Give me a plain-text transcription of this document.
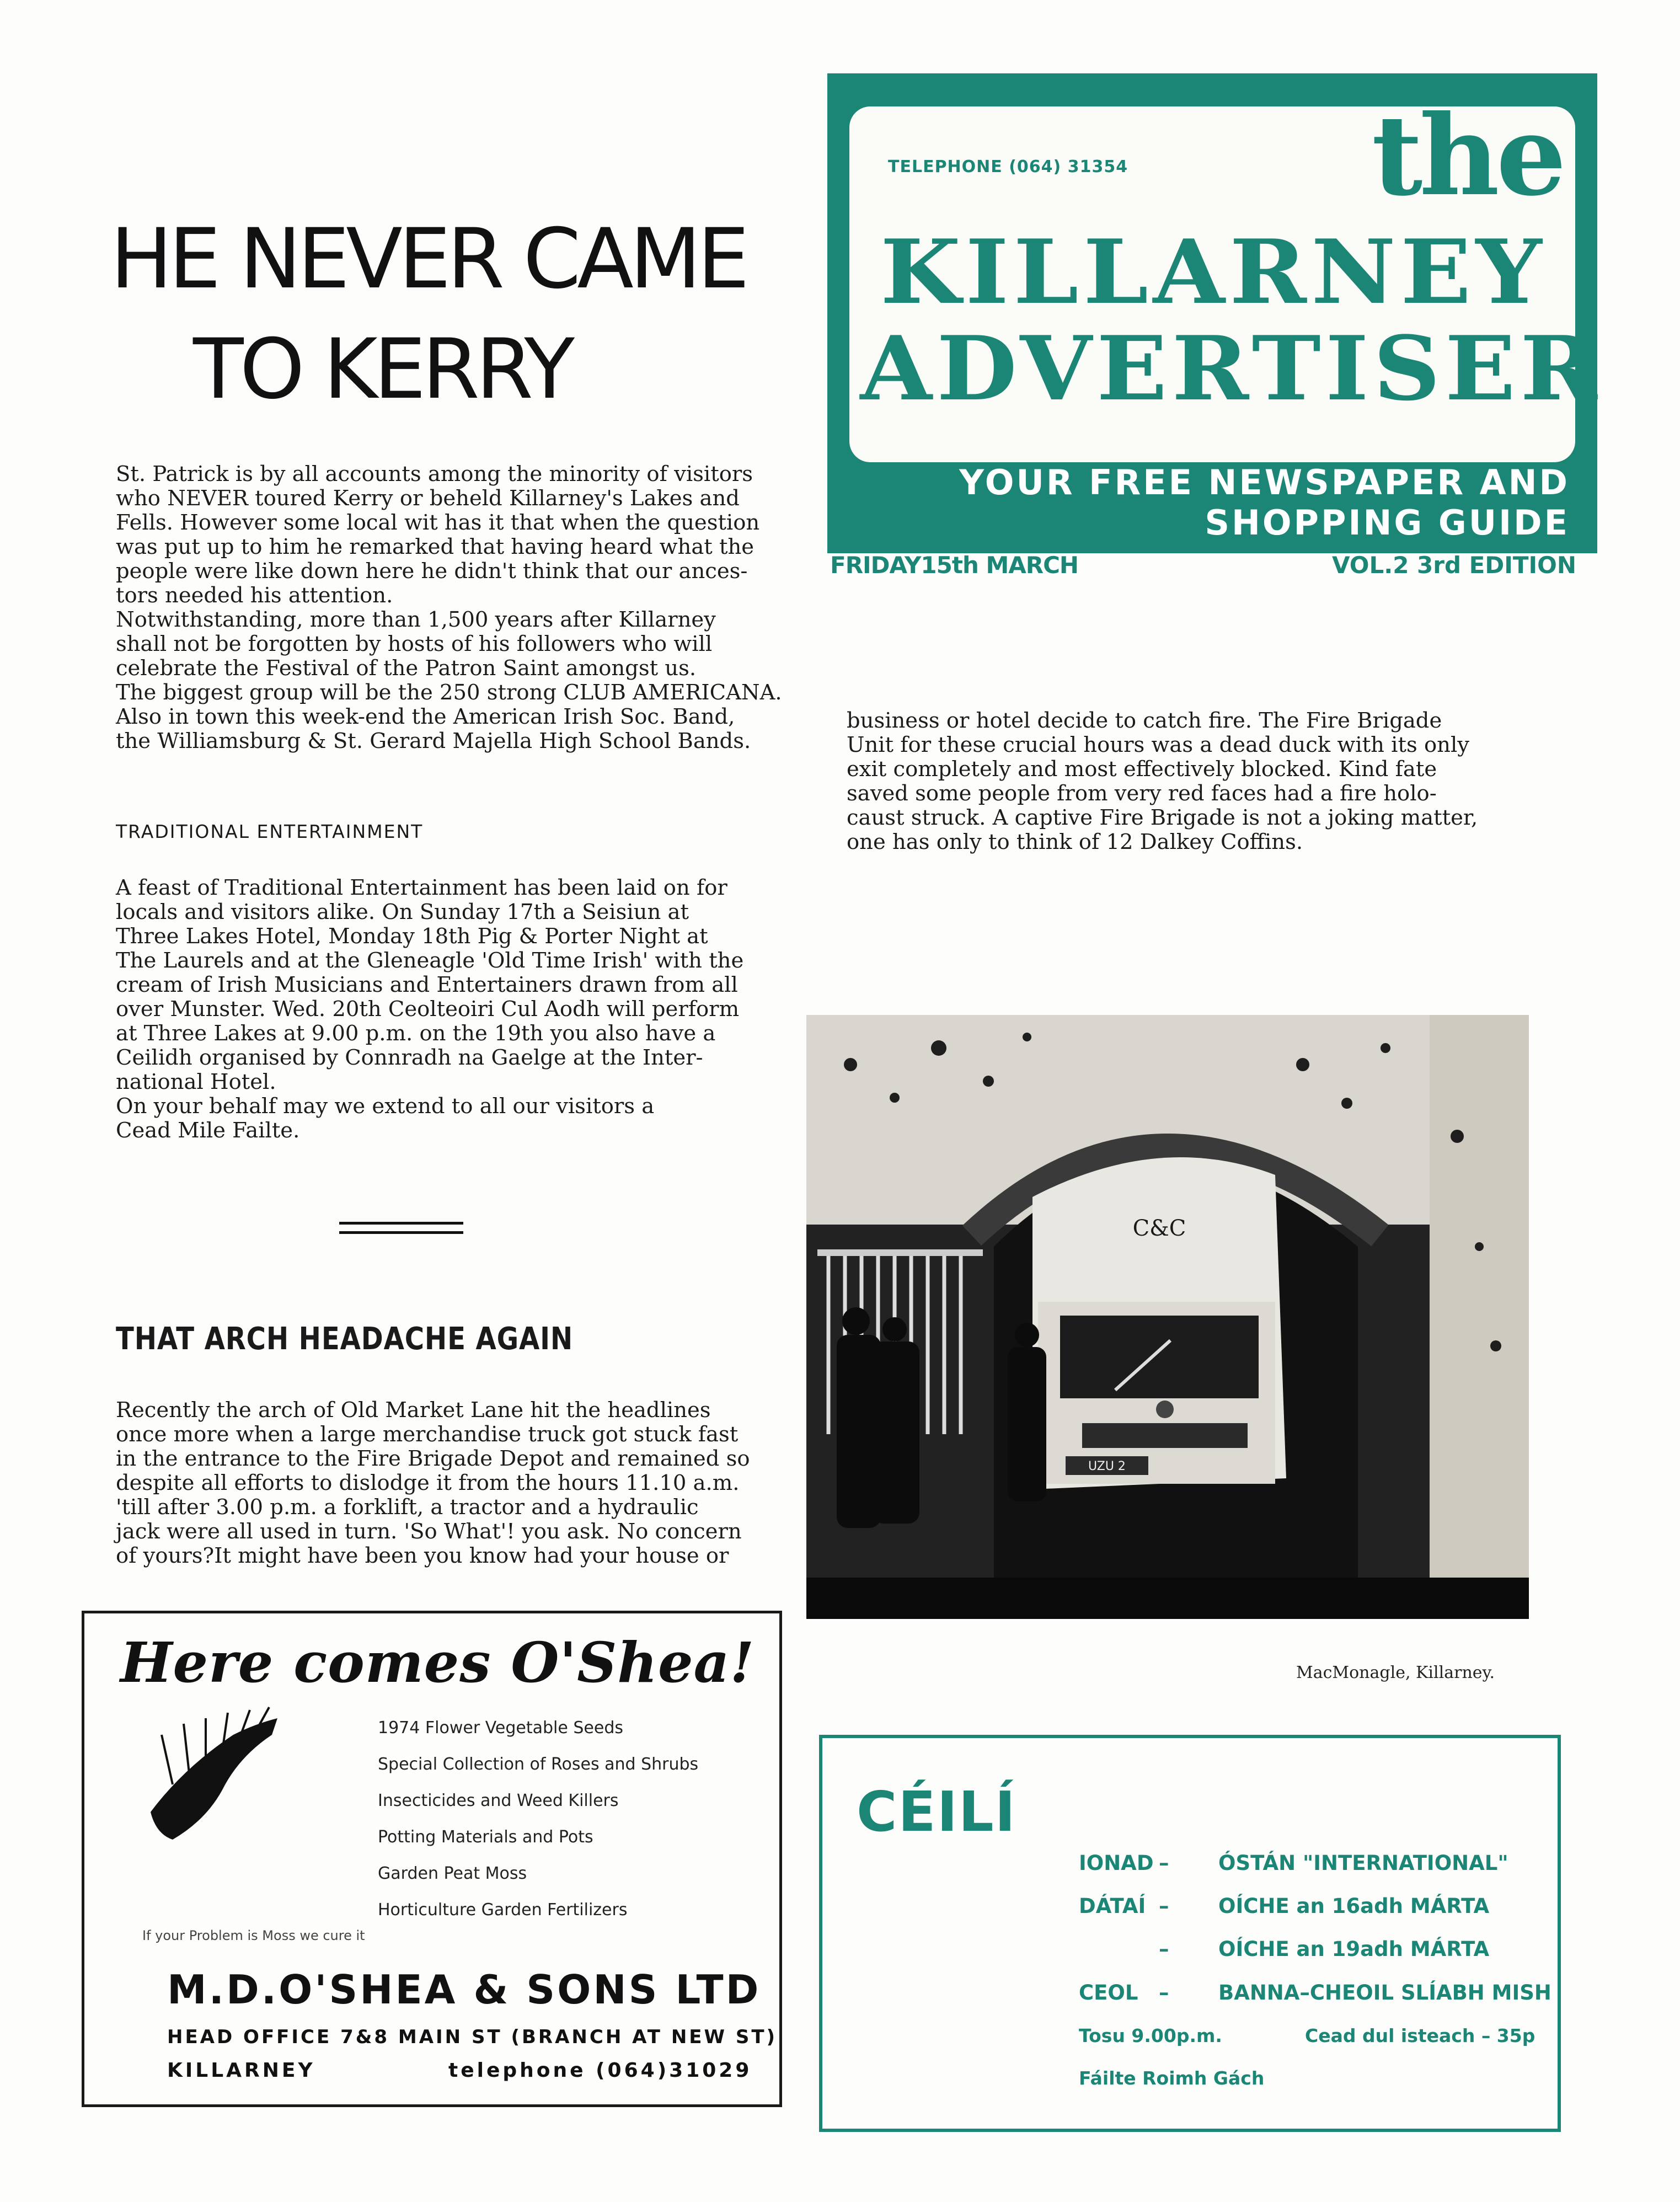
HE NEVER CAME
TO KERRY
St. Patrick is by all accounts among the minority of visitors
who NEVER toured Kerry or beheld Killarney's Lakes and
Fells. However some local wit has it that when the question
was put up to him he remarked that having heard what the
people were like down here he didn't think that our ances-
tors needed his attention.
Notwithstanding, more than 1,500 years after Killarney
shall not be forgotten by hosts of his followers who will
celebrate the Festival of the Patron Saint amongst us.
The biggest group will be the 250 strong CLUB AMERICANA.
Also in town this week-end the American Irish Soc. Band,
the Williamsburg & St. Gerard Majella High School Bands.
TRADITIONAL ENTERTAINMENT
A feast of Traditional Entertainment has been laid on for
locals and visitors alike. On Sunday 17th a Seisiun at
Three Lakes Hotel, Monday 18th Pig & Porter Night at
The Laurels and at the Gleneagle 'Old Time Irish' with the
cream of Irish Musicians and Entertainers drawn from all
over Munster. Wed. 20th Ceolteoiri Cul Aodh will perform
at Three Lakes at 9.00 p.m. on the 19th you also have a
Ceilidh organised by Connradh na Gaelge at the Inter-
national Hotel.
On your behalf may we extend to all our visitors a
Cead Mile Failte.
THAT ARCH HEADACHE AGAIN
Recently the arch of Old Market Lane hit the headlines
once more when a large merchandise truck got stuck fast
in the entrance to the Fire Brigade Depot and remained so
despite all efforts to dislodge it from the hours 11.10 a.m.
'till after 3.00 p.m. a forklift, a tractor and a hydraulic
jack were all used in turn. 'So What'! you ask. No concern
of yours?It might have been you know had your house or
business or hotel decide to catch fire. The Fire Brigade
Unit for these crucial hours was a dead duck with its only
exit completely and most effectively blocked. Kind fate
saved some people from very red faces had a fire holo-
caust struck. A captive Fire Brigade is not a joking matter,
one has only to think of 12 Dalkey Coffins.
TELEPHONE (064) 31354 the
KILLARNEY
ADVERTISER
YOUR FREE NEWSPAPER AND
SHOPPING GUIDE
FRIDAY15th MARCH	VOL.2 3rd EDITION
UZU 2
C&C
MacMonagle, Killarney.
Here comes O'Shea!
1974 Flower Vegetable Seeds
Special Collection of Roses and Shrubs
Insecticides and Weed Killers
Potting Materials and Pots
Garden Peat Moss
Horticulture Garden Fertilizers
If your Problem is Moss we cure it
M.D.O'SHEA & SONS LTD
HEAD OFFICE 7&8 MAIN ST (BRANCH AT NEW ST)
KILLARNEY	telephone (064)31029
CÉILÍ
IONAD – ÓSTÁN "INTERNATIONAL"
DÁTAÍ – OÍCHE an 16adh MÁRTA
– OÍCHE an 19adh MÁRTA
CEOL – BANNA–CHEOIL SLÍABH MISH
Tosu 9.00p.m.	Cead dul isteach – 35p
Fáilte Roimh Gách
